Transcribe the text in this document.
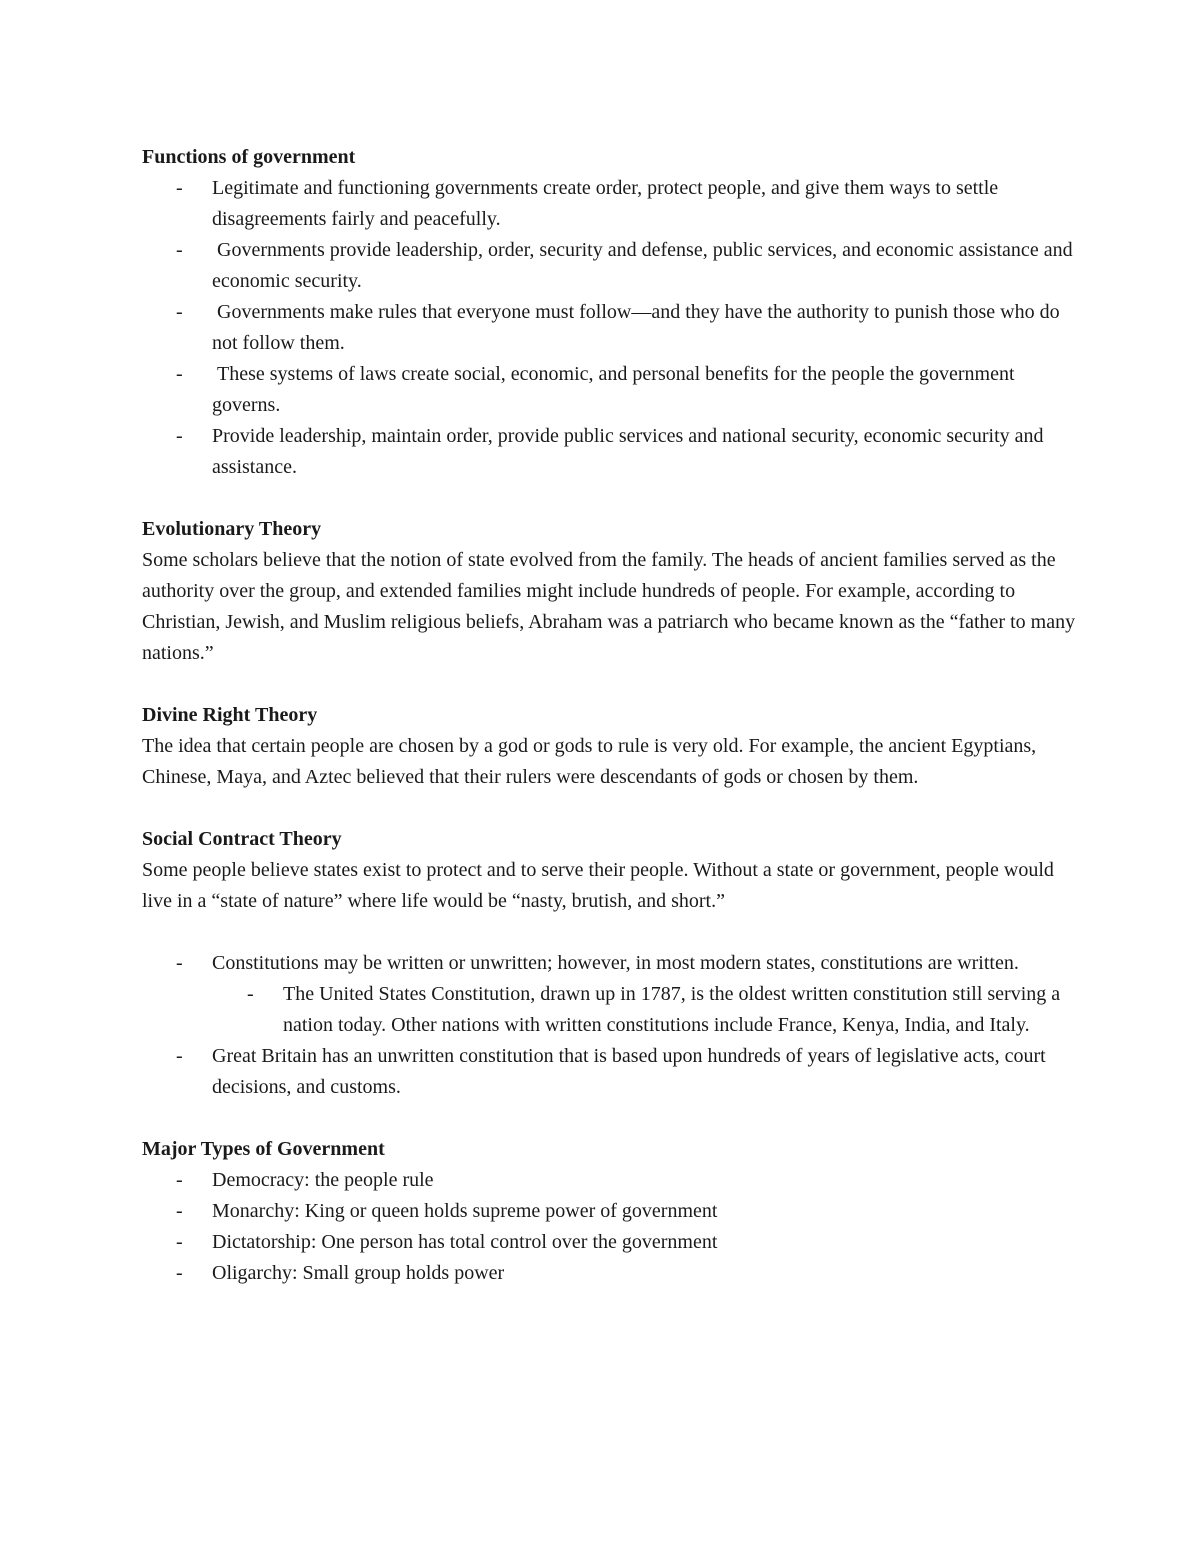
Functions of government

- Legitimate and functioning governments create order, protect people, and give them ways to settle disagreements fairly and peacefully.
- Governments provide leadership, order, security and defense, public services, and economic assistance and economic security.
- Governments make rules that everyone must follow—and they have the authority to punish those who do not follow them.
- These systems of laws create social, economic, and personal benefits for the people the government governs.
- Provide leadership, maintain order, provide public services and national security, economic security and assistance.

Evolutionary Theory

Some scholars believe that the notion of state evolved from the family. The heads of ancient families served as the authority over the group, and extended families might include hundreds of people. For example, according to Christian, Jewish, and Muslim religious beliefs, Abraham was a patriarch who became known as the “father to many nations.”

Divine Right Theory

The idea that certain people are chosen by a god or gods to rule is very old. For example, the ancient Egyptians, Chinese, Maya, and Aztec believed that their rulers were descendants of gods or chosen by them.

Social Contract Theory

Some people believe states exist to protect and to serve their people. Without a state or government, people would live in a “state of nature” where life would be “nasty, brutish, and short.”

- Constitutions may be written or unwritten; however, in most modern states, constitutions are written.
- The United States Constitution, drawn up in 1787, is the oldest written constitution still serving a nation today. Other nations with written constitutions include France, Kenya, India, and Italy.
- Great Britain has an unwritten constitution that is based upon hundreds of years of legislative acts, court decisions, and customs.

Major Types of Government

- Democracy: the people rule
- Monarchy: King or queen holds supreme power of government
- Dictatorship: One person has total control over the government
- Oligarchy: Small group holds power
